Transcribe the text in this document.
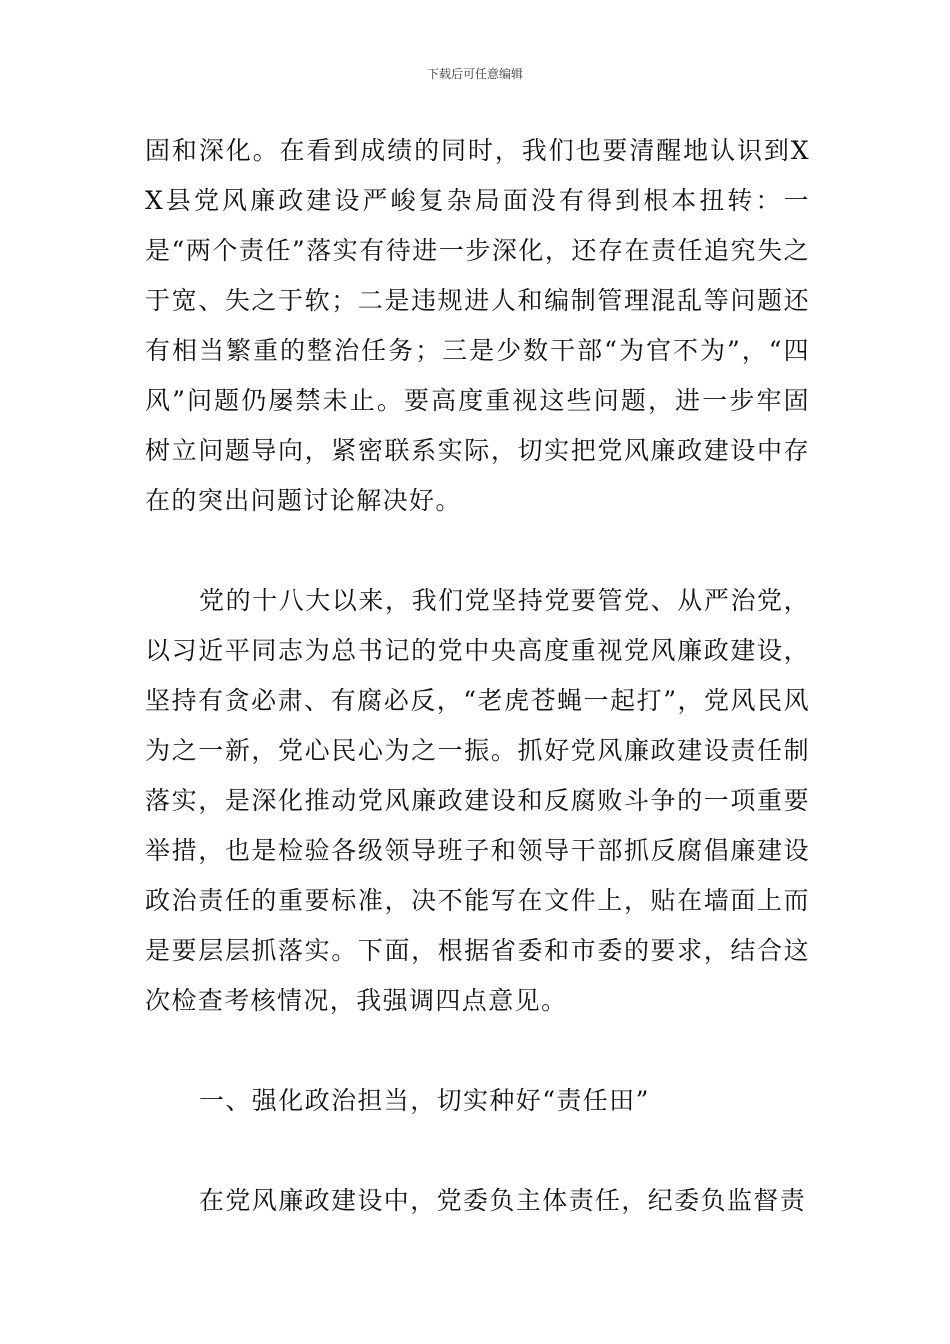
下载后可任意编辑

固和深化。在看到成绩的同时，我们也要清醒地认识到XX县党风廉政建设严峻复杂局面没有得到根本扭转：一是“两个责任”落实有待进一步深化，还存在责任追究失之于宽、失之于软；二是违规进人和编制管理混乱等问题还有相当繁重的整治任务；三是少数干部“为官不为”，“四风”问题仍屡禁未止。要高度重视这些问题，进一步牢固树立问题导向，紧密联系实际，切实把党风廉政建设中存在的突出问题讨论解决好。

党的十八大以来，我们党坚持党要管党、从严治党，以习近平同志为总书记的党中央高度重视党风廉政建设，坚持有贪必肃、有腐必反，“老虎苍蝇一起打”，党风民风为之一新，党心民心为之一振。抓好党风廉政建设责任制落实，是深化推动党风廉政建设和反腐败斗争的一项重要举措，也是检验各级领导班子和领导干部抓反腐倡廉建设政治责任的重要标准，决不能写在文件上，贴在墙面上而是要层层抓落实。下面，根据省委和市委的要求，结合这次检查考核情况，我强调四点意见。

一、强化政治担当，切实种好“责任田”

在党风廉政建设中，党委负主体责任，纪委负监督责
